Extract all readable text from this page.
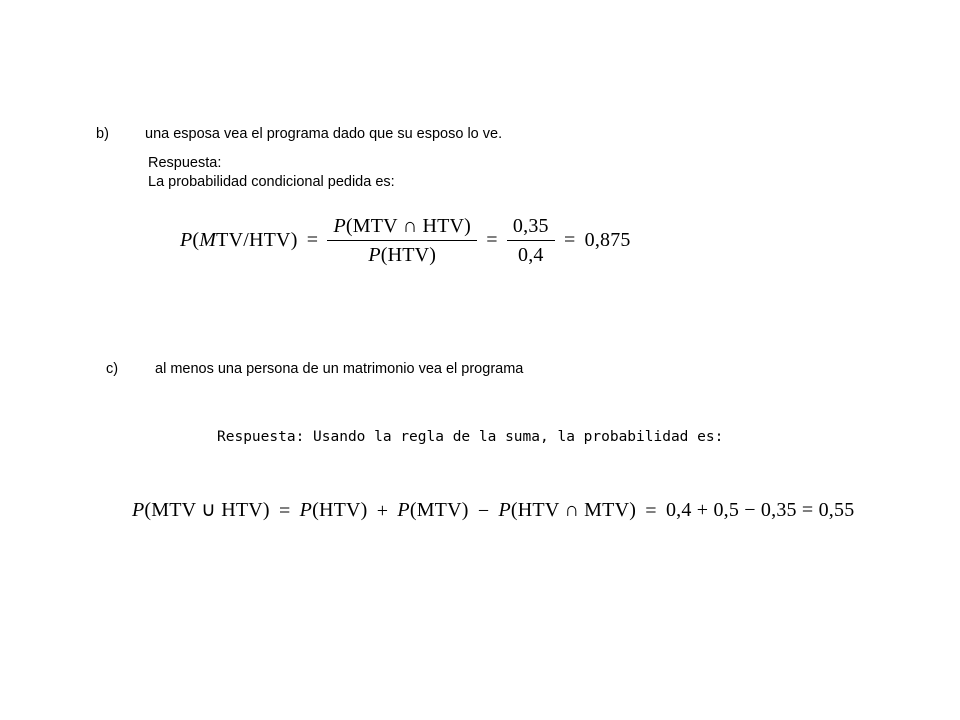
b) una esposa vea el programa dado que su esposo lo ve.
Respuesta:
La probabilidad condicional pedida es:
$P(MTV/HTV) = \frac{\text{P(MTV ∩ HTV)}}{\text{P(HTV)}} = \frac{0,35}{0,4} = 0,875$
c)	al menos una persona de un matrimonio vea el programa
Respuesta: Usando la regla de la suma, la probabilidad es:
P(MTV ∪ HTV) = P(HTV) + P(MTV) − P(HTV ∩ MTV) = 0,4 + 0,5 − 0,35 = 0,55
